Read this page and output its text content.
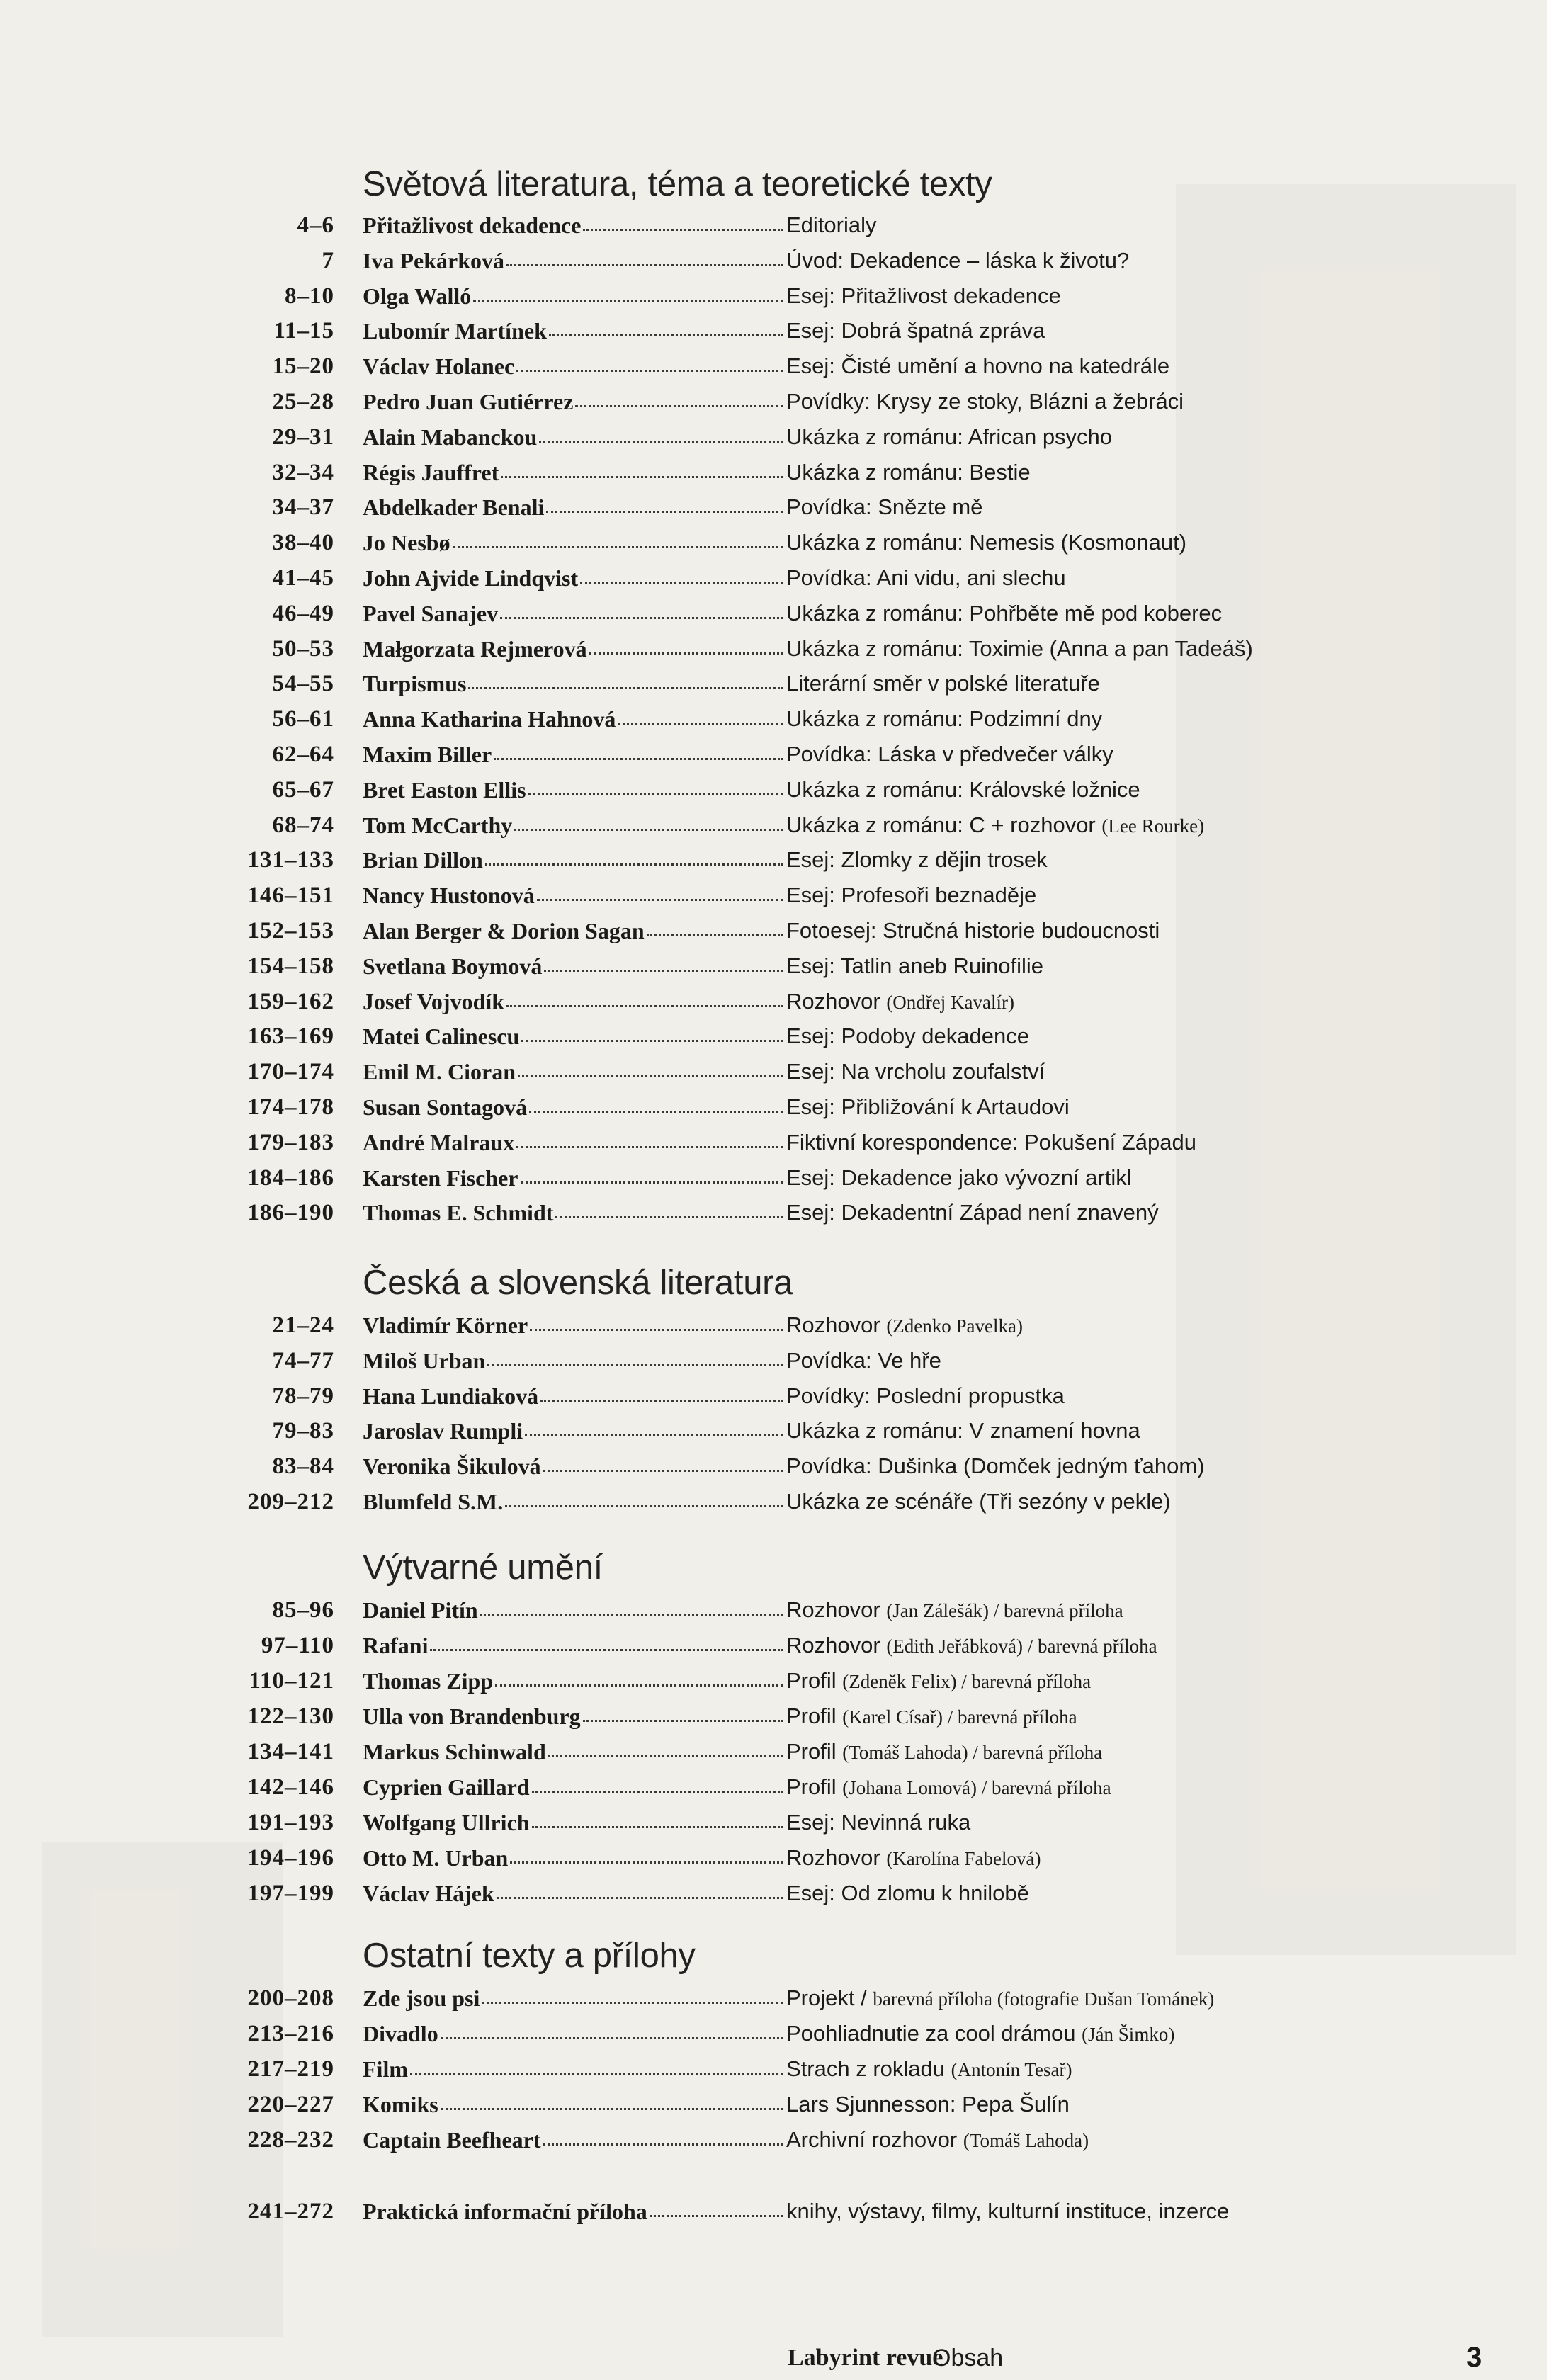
Labyrint revue
Obsah	3
Světová literatura, téma a teoretické texty
4–6 Přitažlivost dekadence	Editorialy
7 Iva Pekárková	Úvod: Dekadence – láska k životu?
8–10 Olga Walló	Esej: Přitažlivost dekadence
11–15 Lubomír Martínek	Esej: Dobrá špatná zpráva
15–20 Václav Holanec	Esej: Čisté umění a hovno na katedrále
25–28 Pedro Juan Gutiérrez	Povídky: Krysy ze stoky, Blázni a žebráci
29–31 Alain Mabanckou	Ukázka z románu: African psycho
32–34 Régis Jauffret	Ukázka z románu: Bestie
34–37 Abdelkader Benali	Povídka: Snězte mě
38–40 Jo Nesbø	Ukázka z románu: Nemesis (Kosmonaut)
41–45 John Ajvide Lindqvist	Povídka: Ani vidu, ani slechu
46–49 Pavel Sanajev	Ukázka z románu: Pohřběte mě pod koberec
50–53 Małgorzata Rejmerová	Ukázka z románu: Toximie (Anna a pan Tadeáš)
54–55 Turpismus	Literární směr v polské literatuře
56–61 Anna Katharina Hahnová	Ukázka z románu: Podzimní dny
62–64 Maxim Biller	Povídka: Láska v předvečer války
65–67 Bret Easton Ellis	Ukázka z románu: Královské ložnice
68–74 Tom McCarthy	Ukázka z románu: C + rozhovor (Lee Rourke)
131–133 Brian Dillon	Esej: Zlomky z dějin trosek
146–151 Nancy Hustonová	Esej: Profesoři beznaděje
152–153 Alan Berger & Dorion Sagan	Fotoesej: Stručná historie budoucnosti
154–158 Svetlana Boymová	Esej: Tatlin aneb Ruinofilie
159–162 Josef Vojvodík	Rozhovor (Ondřej Kavalír)
163–169 Matei Calinescu	Esej: Podoby dekadence
170–174 Emil M. Cioran	Esej: Na vrcholu zoufalství
174–178 Susan Sontagová	Esej: Přibližování k Artaudovi
179–183 André Malraux	Fiktivní korespondence: Pokušení Západu
184–186 Karsten Fischer	Esej: Dekadence jako vývozní artikl
186–190 Thomas E. Schmidt	Esej: Dekadentní Západ není znavený
Česká a slovenská literatura
21–24 Vladimír Körner	Rozhovor (Zdenko Pavelka)
74–77 Miloš Urban	Povídka: Ve hře
78–79 Hana Lundiaková	Povídky: Poslední propustka
79–83 Jaroslav Rumpli	Ukázka z románu: V znamení hovna
83–84 Veronika Šikulová	Povídka: Dušinka (Domček jedným ťahom)
209–212 Blumfeld S.M.	Ukázka ze scénáře (Tři sezóny v pekle)
Výtvarné umění
85–96 Daniel Pitín	Rozhovor (Jan Zálešák) / barevná příloha
97–110 Rafani	Rozhovor (Edith Jeřábková) / barevná příloha
110–121 Thomas Zipp	Profil (Zdeněk Felix) / barevná příloha
122–130 Ulla von Brandenburg	Profil (Karel Císař) / barevná příloha
134–141 Markus Schinwald	Profil (Tomáš Lahoda) / barevná příloha
142–146 Cyprien Gaillard	Profil (Johana Lomová) / barevná příloha
191–193 Wolfgang Ullrich	Esej: Nevinná ruka
194–196 Otto M. Urban	Rozhovor (Karolína Fabelová)
197–199 Václav Hájek	Esej: Od zlomu k hnilobě
Ostatní texty a přílohy
200–208 Zde jsou psi	Projekt / barevná příloha (fotografie Dušan Tománek)
213–216 Divadlo	Poohliadnutie za cool drámou (Ján Šimko)
217–219 Film	Strach z rokladu (Antonín Tesař)
220–227 Komiks	Lars Sjunnesson: Pepa Šulín
228–232 Captain Beefheart	Archivní rozhovor (Tomáš Lahoda)
241–272 Praktická informační příloha	knihy, výstavy, filmy, kulturní instituce, inzerce
